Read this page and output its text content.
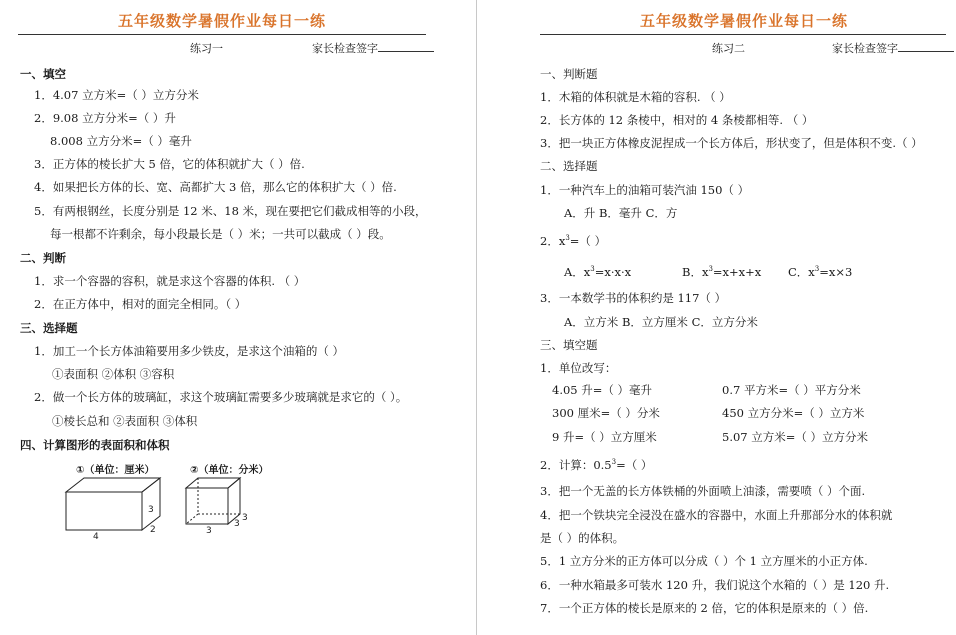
五年级数学暑假作业每日一练
练习一	家长检查签字
一、填空
1．4.07 立方米=（ ）立方分米
2．9.08 立方分米=（ ）升
8.008 立方分米=（ ）毫升
3．正方体的棱长扩大 5 倍，它的体积就扩大（ ）倍.
4．如果把长方体的长、宽、高都扩大 3 倍，那么它的体积扩大（ ）倍.
5．有两根钢丝，长度分别是 12 米、18 米，现在要把它们截成相等的小段，
每一根都不许剩余，每小段最长是（ ）米；一共可以截成（ ）段。
二、判断
1．求一个容器的容积，就是求这个容器的体积. （ ）
2．在正方体中，相对的面完全相同。（ ）
三、选择题
1．加工一个长方体油箱要用多少铁皮，是求这个油箱的（ ）
①表面积 ②体积 ③容积
2．做一个长方体的玻璃缸，求这个玻璃缸需要多少玻璃就是求它的（ ）。
①棱长总和 ②表面积 ③体积
四、计算图形的表面积和体积
①（单位：厘米）	②（单位：分米）
3
4
2	3
3
3
五年级数学暑假作业每日一练
练习二	家长检查签字
一、判断题
1．木箱的体积就是木箱的容积. （ ）
2．长方体的 12 条棱中，相对的 4 条棱都相等. （ ）
3．把一块正方体橡皮泥捏成一个长方体后，形状变了，但是体积不变.（ ）
二、选择题
1．一种汽车上的油箱可装汽油 150（ ）
A．升 B．毫升 C．方
2．$x^3=$（ ）
A．$x^3=x\cdot x\cdot x$	B．$x^3=x+x+x$ C．$x^3=x\times 3$
3．一本数学书的体积约是 117（ ）
A．立方米 B．立方厘米 C．立方分米
三、填空题
1．单位改写：
4.05 升=（ ）毫升	0.7 平方米=（ ）平方分米
300 厘米=（ ）分米	450 立方分米=（ ）立方米
9 升=（ ）立方厘米	5.07 立方米=（ ）立方分米
2．计算：$0.5^3=$（ ）
3．把一个无盖的长方体铁桶的外面喷上油漆，需要喷（ ）个面.
4．把一个铁块完全浸没在盛水的容器中，水面上升那部分水的体积就
是（ ）的体积。
5．1 立方分米的正方体可以分成（ ）个 1 立方厘米的小正方体.
6．一种水箱最多可装水 120 升，我们说这个水箱的（ ）是 120 升.
7．一个正方体的棱长是原来的 2 倍，它的体积是原来的（ ）倍.
